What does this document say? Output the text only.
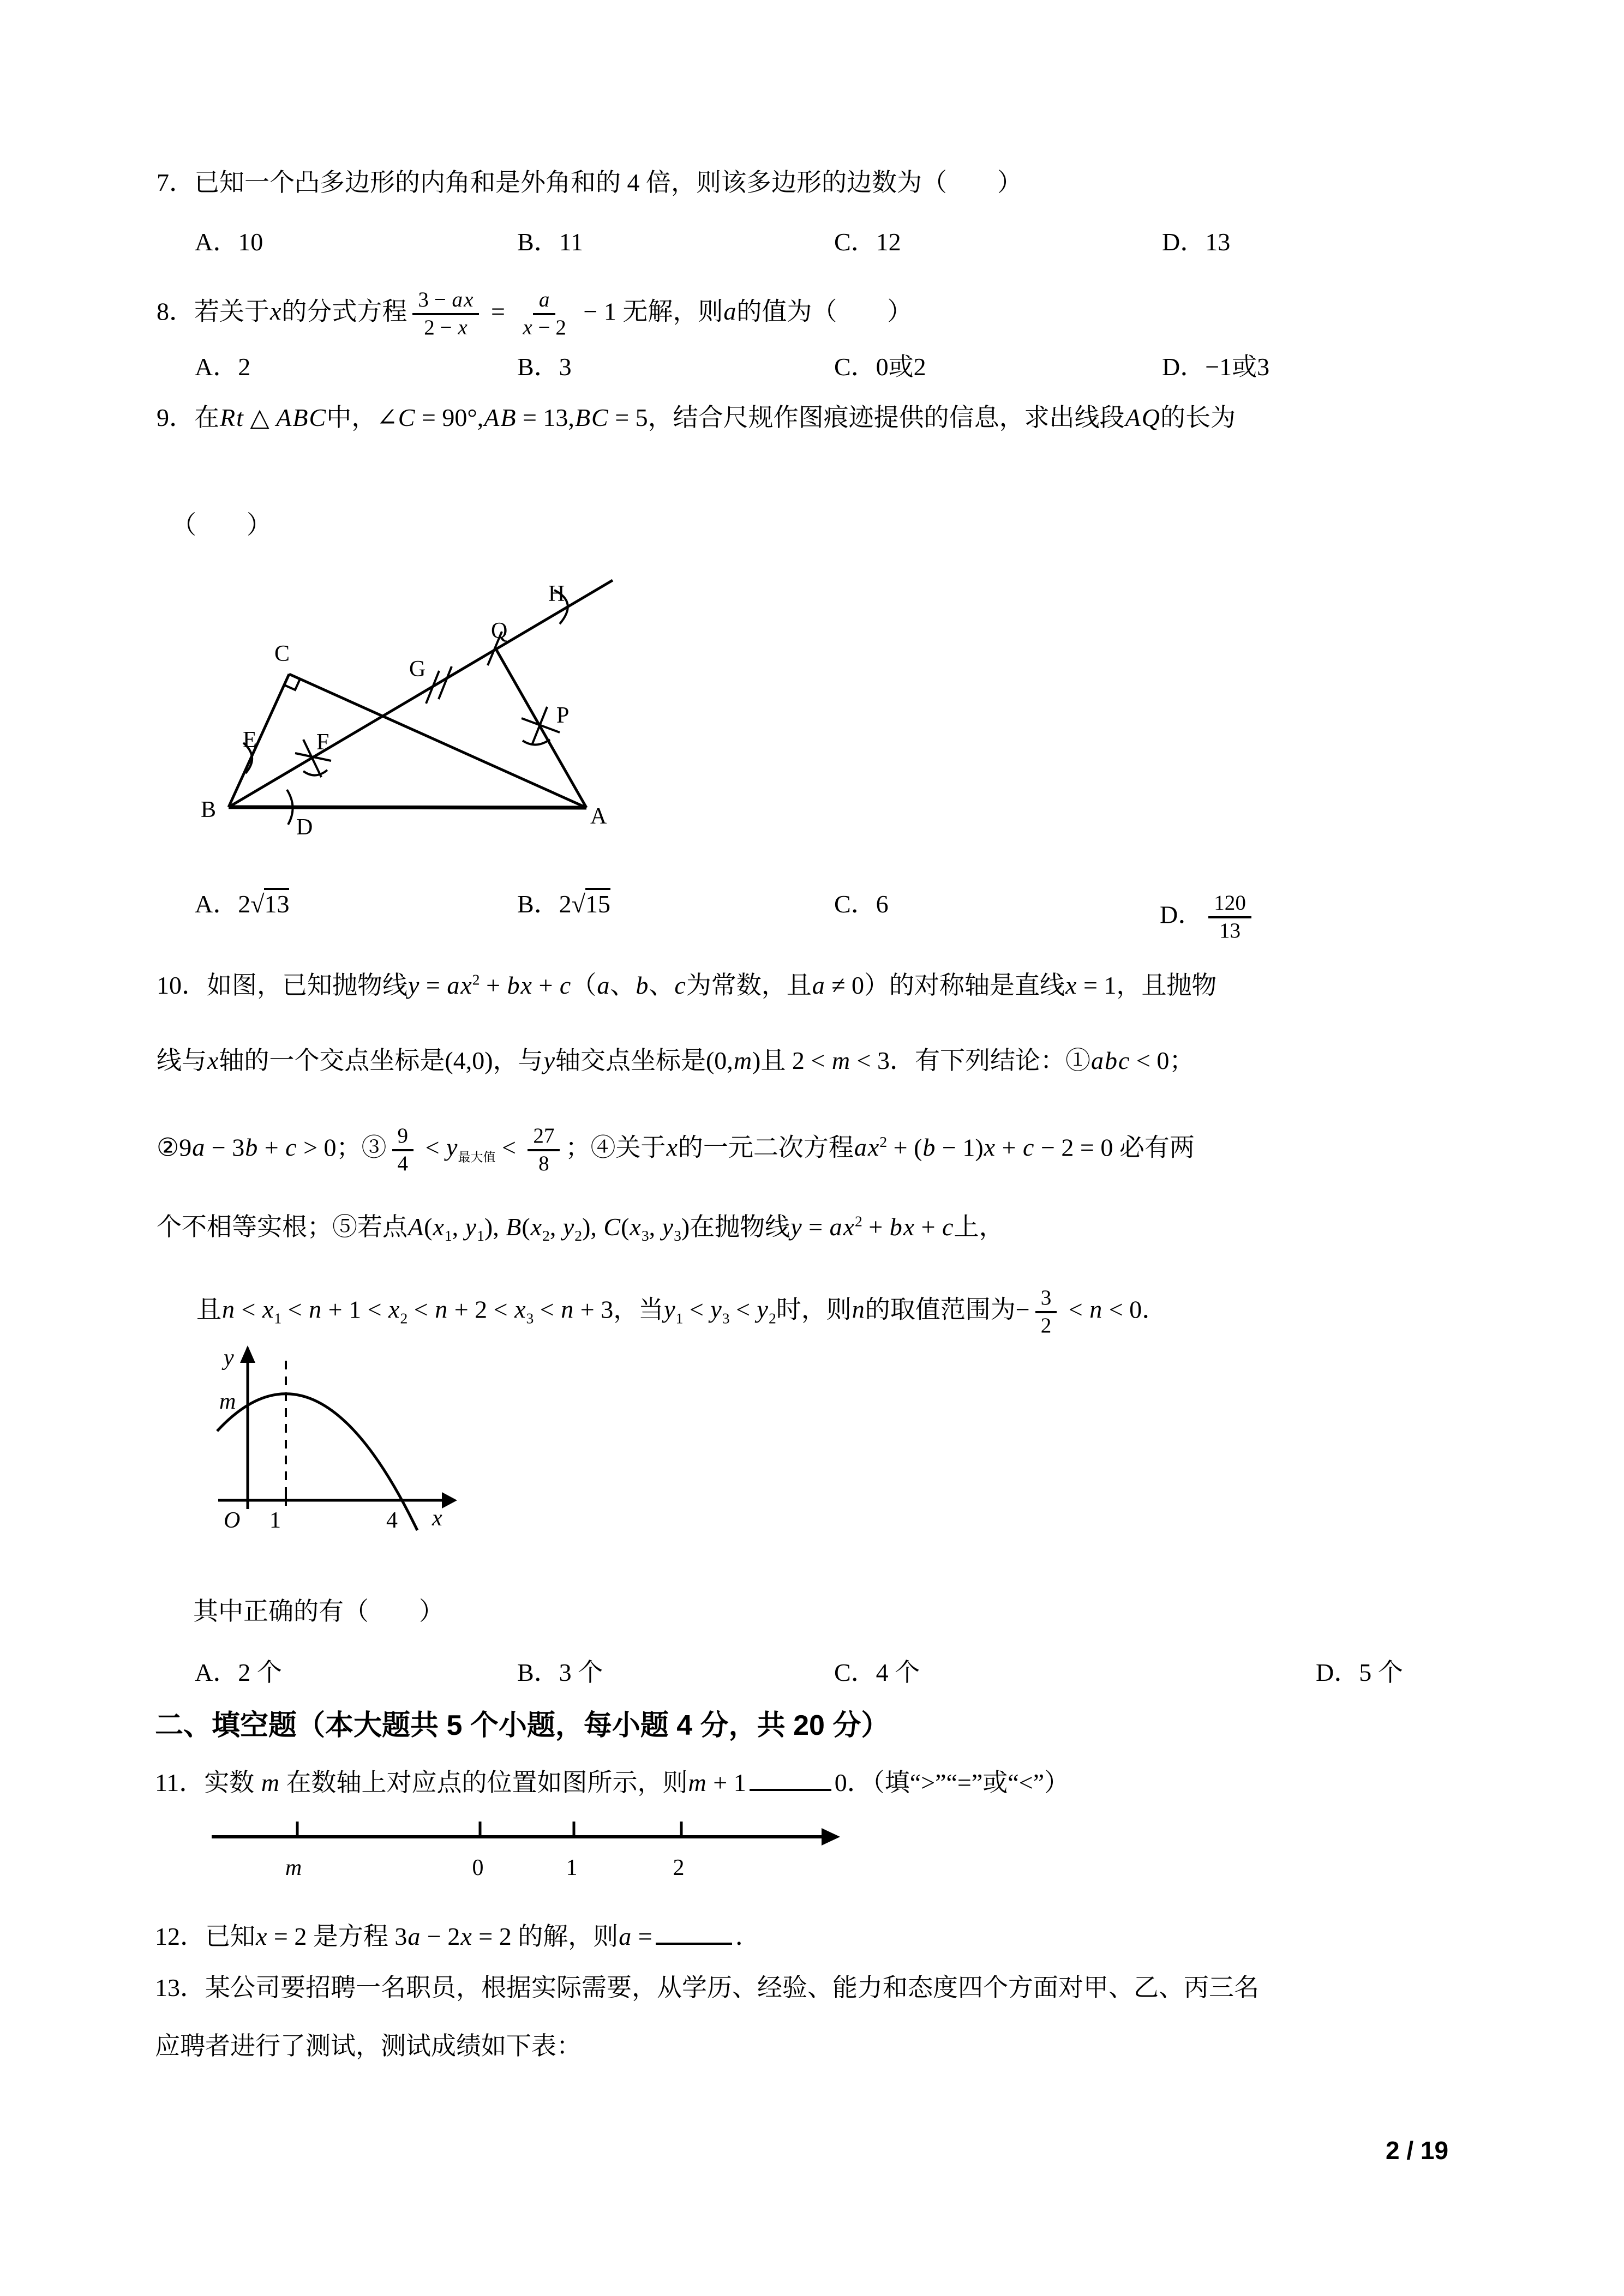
B	A
C
D
E	F
G
Q
H
P
y
m
O 1	4 x
m	0	1	2
2 / 19
7．已知一个凸多边形的内角和是外角和的 4 倍，则该多边形的边数为（　　）
A．10	B．11	C．12	D．13
8．若关于x的分式方程 $\frac{3 - ax}{2 - x} = \frac{a}{x - 2} - 1$ 无解，则a的值为（　　）
A．2	B．3	C．0或2	D．−1或3
9．在Rt △ ABC中，∠C = 90°,AB = 13,BC = 5，结合尺规作图痕迹提供的信息，求出线段AQ的长为
（　　）
A．2√13	B．2√15	C．6	D． $\frac{120}{13}$
10．如图，已知抛物线$y = ax^2$ + bx + c（a、b、c为常数，且a ≠ 0）的对称轴是直线x = 1，且抛物
线与x轴的一个交点坐标是(4,0)，与y轴交点坐标是(0,m)且 2 < m < 3．有下列结论：①abc < 0；
②9a − 3b + c > 0；③ $\frac{9}{4} < y_{最大值} < \frac{27}{8}$ ；④关于x的一元二次方程$ax^2 + (b - 1)x + c - 2 = 0$ 必有两
个不相等实根；⑤若点$A(x_1$, $y_1$), $B(x_2$, $y_2$), $C(x_3$, $y_3$)在抛物线$y = ax^2$ + bx + c上，
且$n < x_1 < n + 1 < x_2 < n + 2 < x_3 < n + 3$，当$y_1 < y_3 < y_2$时，则n的取值范围为− $\frac{3}{2} < n < 0$．
其中正确的有（　　）
A．2 个	B．3 个	C．4 个	D．5 个
二、填空题（本大题共 5 个小题，每小题 4 分，共 20 分）
11．实数 m 在数轴上对应点的位置如图所示，则m + 1	0．（填“>”“=”或“<”）
12．已知x = 2 是方程 3a − 2x = 2 的解，则a =	．
13．某公司要招聘一名职员，根据实际需要，从学历、经验、能力和态度四个方面对甲、乙、丙三名
应聘者进行了测试，测试成绩如下表：
